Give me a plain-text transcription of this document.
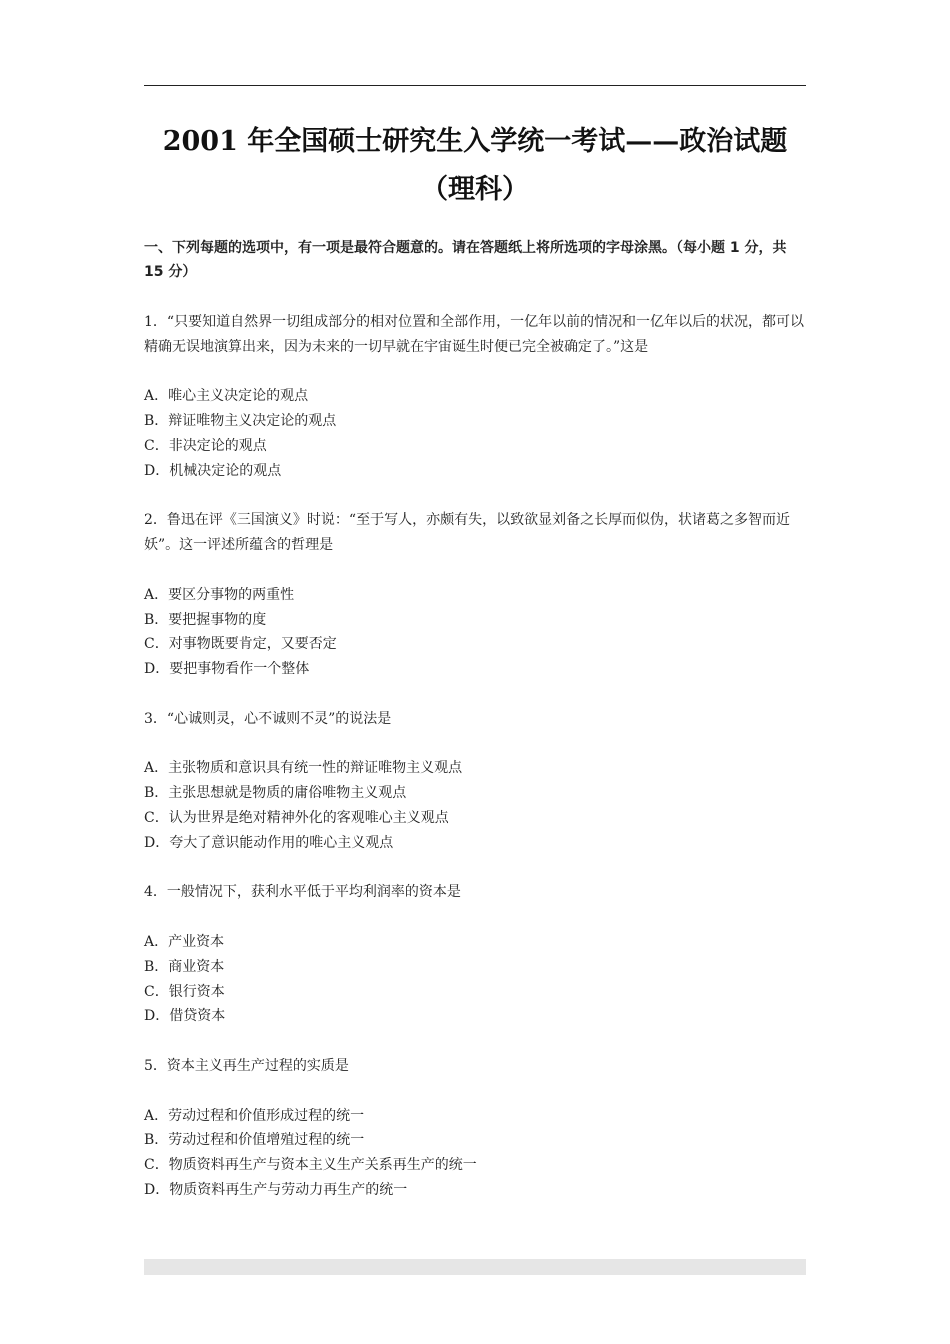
2001 年全国硕士研究生入学统一考试——政治试题
（理科）
一、下列每题的选项中，有一项是最符合题意的。请在答题纸上将所选项的字母涂黑。（每小题 1 分，共 15 分）
1．“只要知道自然界一切组成部分的相对位置和全部作用，一亿年以前的情况和一亿年以后的状况，都可以精确无误地演算出来，因为未来的一切早就在宇宙诞生时便已完全被确定了。”这是
A．唯心主义决定论的观点
B．辩证唯物主义决定论的观点
C．非决定论的观点
D．机械决定论的观点
2．鲁迅在评《三国演义》时说：“至于写人，亦颇有失，以致欲显刘备之长厚而似伪，状诸葛之多智而近妖”。这一评述所蕴含的哲理是
A．要区分事物的两重性
B．要把握事物的度
C．对事物既要肯定，又要否定
D．要把事物看作一个整体
3．“心诚则灵，心不诚则不灵”的说法是
A．主张物质和意识具有统一性的辩证唯物主义观点
B．主张思想就是物质的庸俗唯物主义观点
C．认为世界是绝对精神外化的客观唯心主义观点
D．夸大了意识能动作用的唯心主义观点
4．一般情况下，获利水平低于平均利润率的资本是
A．产业资本
B．商业资本
C．银行资本
D．借贷资本
5．资本主义再生产过程的实质是
A．劳动过程和价值形成过程的统一
B．劳动过程和价值增殖过程的统一
C．物质资料再生产与资本主义生产关系再生产的统一
D．物质资料再生产与劳动力再生产的统一
